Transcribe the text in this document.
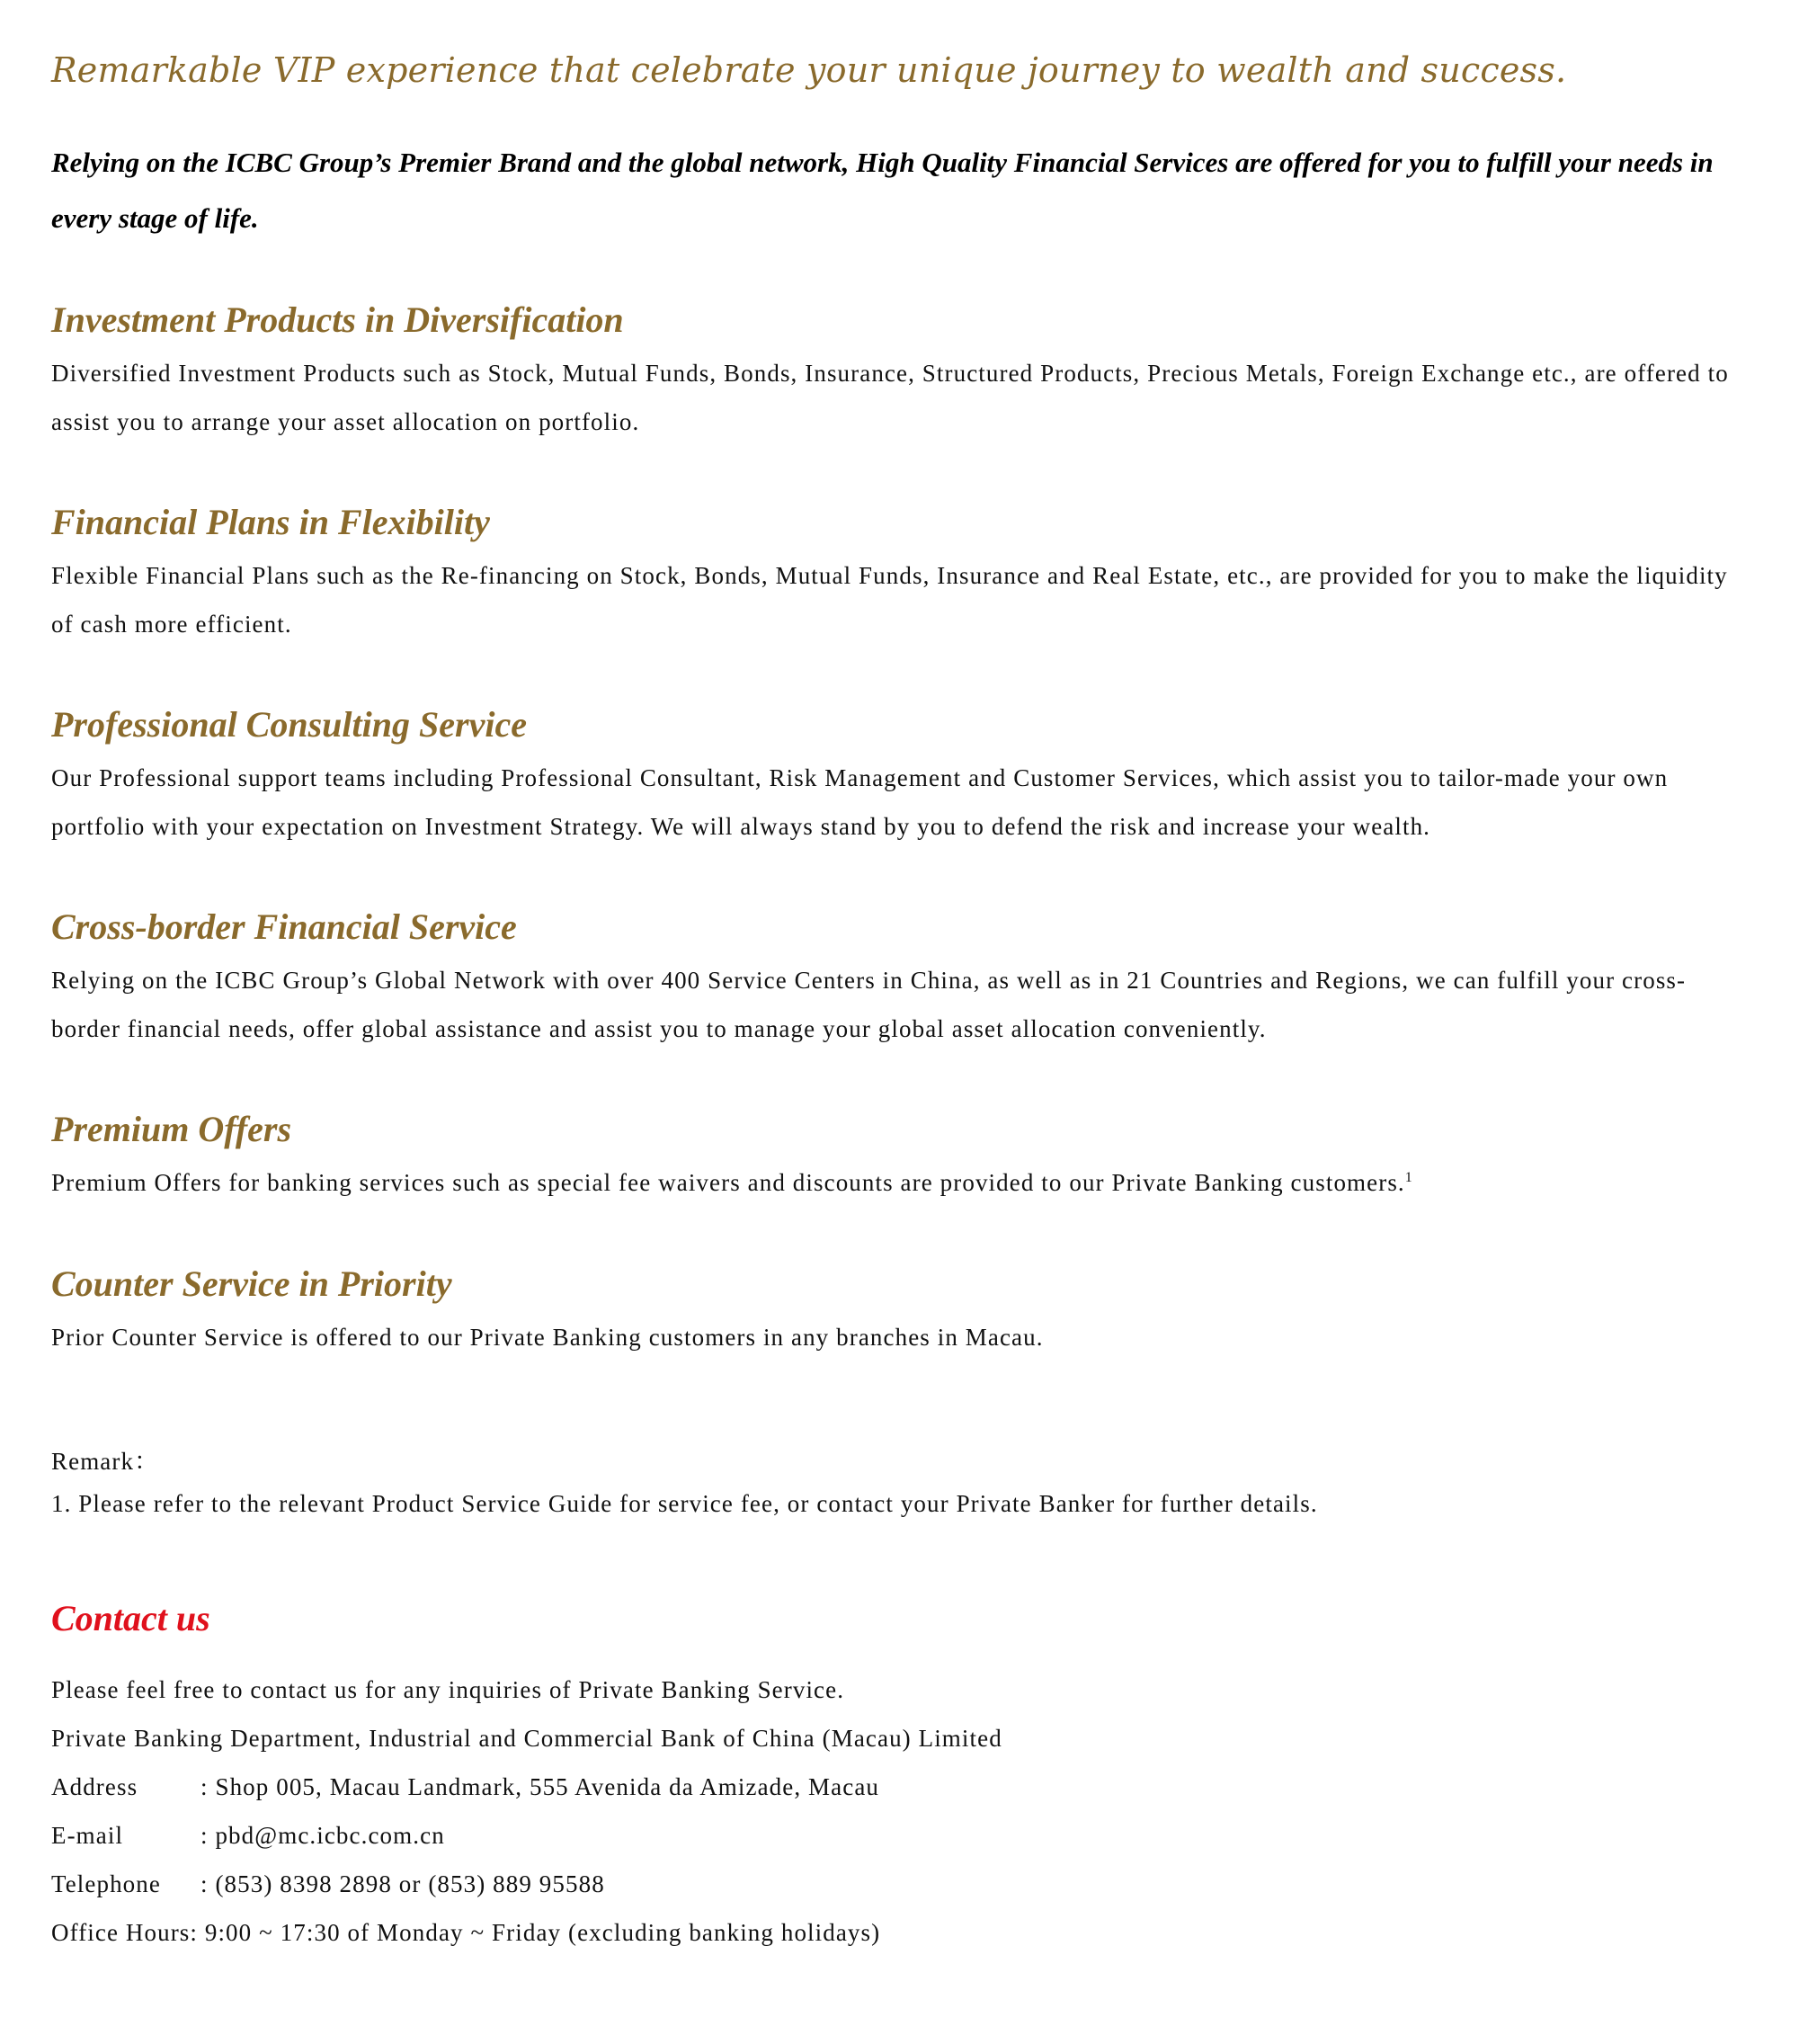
Remarkable VIP experience that celebrate your unique journey to wealth and success.
Relying on the ICBC Group’s Premier Brand and the global network, High Quality Financial Services are offered for you to fulfill your needs in every stage of life.
Investment Products in Diversification
Diversified Investment Products such as Stock, Mutual Funds, Bonds, Insurance, Structured Products, Precious Metals, Foreign Exchange etc., are offered to assist you to arrange your asset allocation on portfolio.
Financial Plans in Flexibility
Flexible Financial Plans such as the Re-financing on Stock, Bonds, Mutual Funds, Insurance and Real Estate, etc., are provided for you to make the liquidity of cash more efficient.
Professional Consulting Service
Our Professional support teams including Professional Consultant, Risk Management and Customer Services, which assist you to tailor-made your own portfolio with your expectation on Investment Strategy. We will always stand by you to defend the risk and increase your wealth.
Cross-border Financial Service
Relying on the ICBC Group’s Global Network with over 400 Service Centers in China, as well as in 21 Countries and Regions, we can fulfill your cross-border financial needs, offer global assistance and assist you to manage your global asset allocation conveniently.
Premium Offers
Premium Offers for banking services such as special fee waivers and discounts are provided to our Private Banking customers.$^1$
Counter Service in Priority
Prior Counter Service is offered to our Private Banking customers in any branches in Macau.
Remark：
1. Please refer to the relevant Product Service Guide for service fee, or contact your Private Banker for further details.
Contact us
Please feel free to contact us for any inquiries of Private Banking Service.
Private Banking Department, Industrial and Commercial Bank of China (Macau) Limited
Address	: Shop 005, Macau Landmark, 555 Avenida da Amizade, Macau
E-mail	: pbd@mc.icbc.com.cn
Telephone : (853) 8398 2898 or (853) 889 95588
Office Hours: 9:00 ~ 17:30 of Monday ~ Friday (excluding banking holidays)
